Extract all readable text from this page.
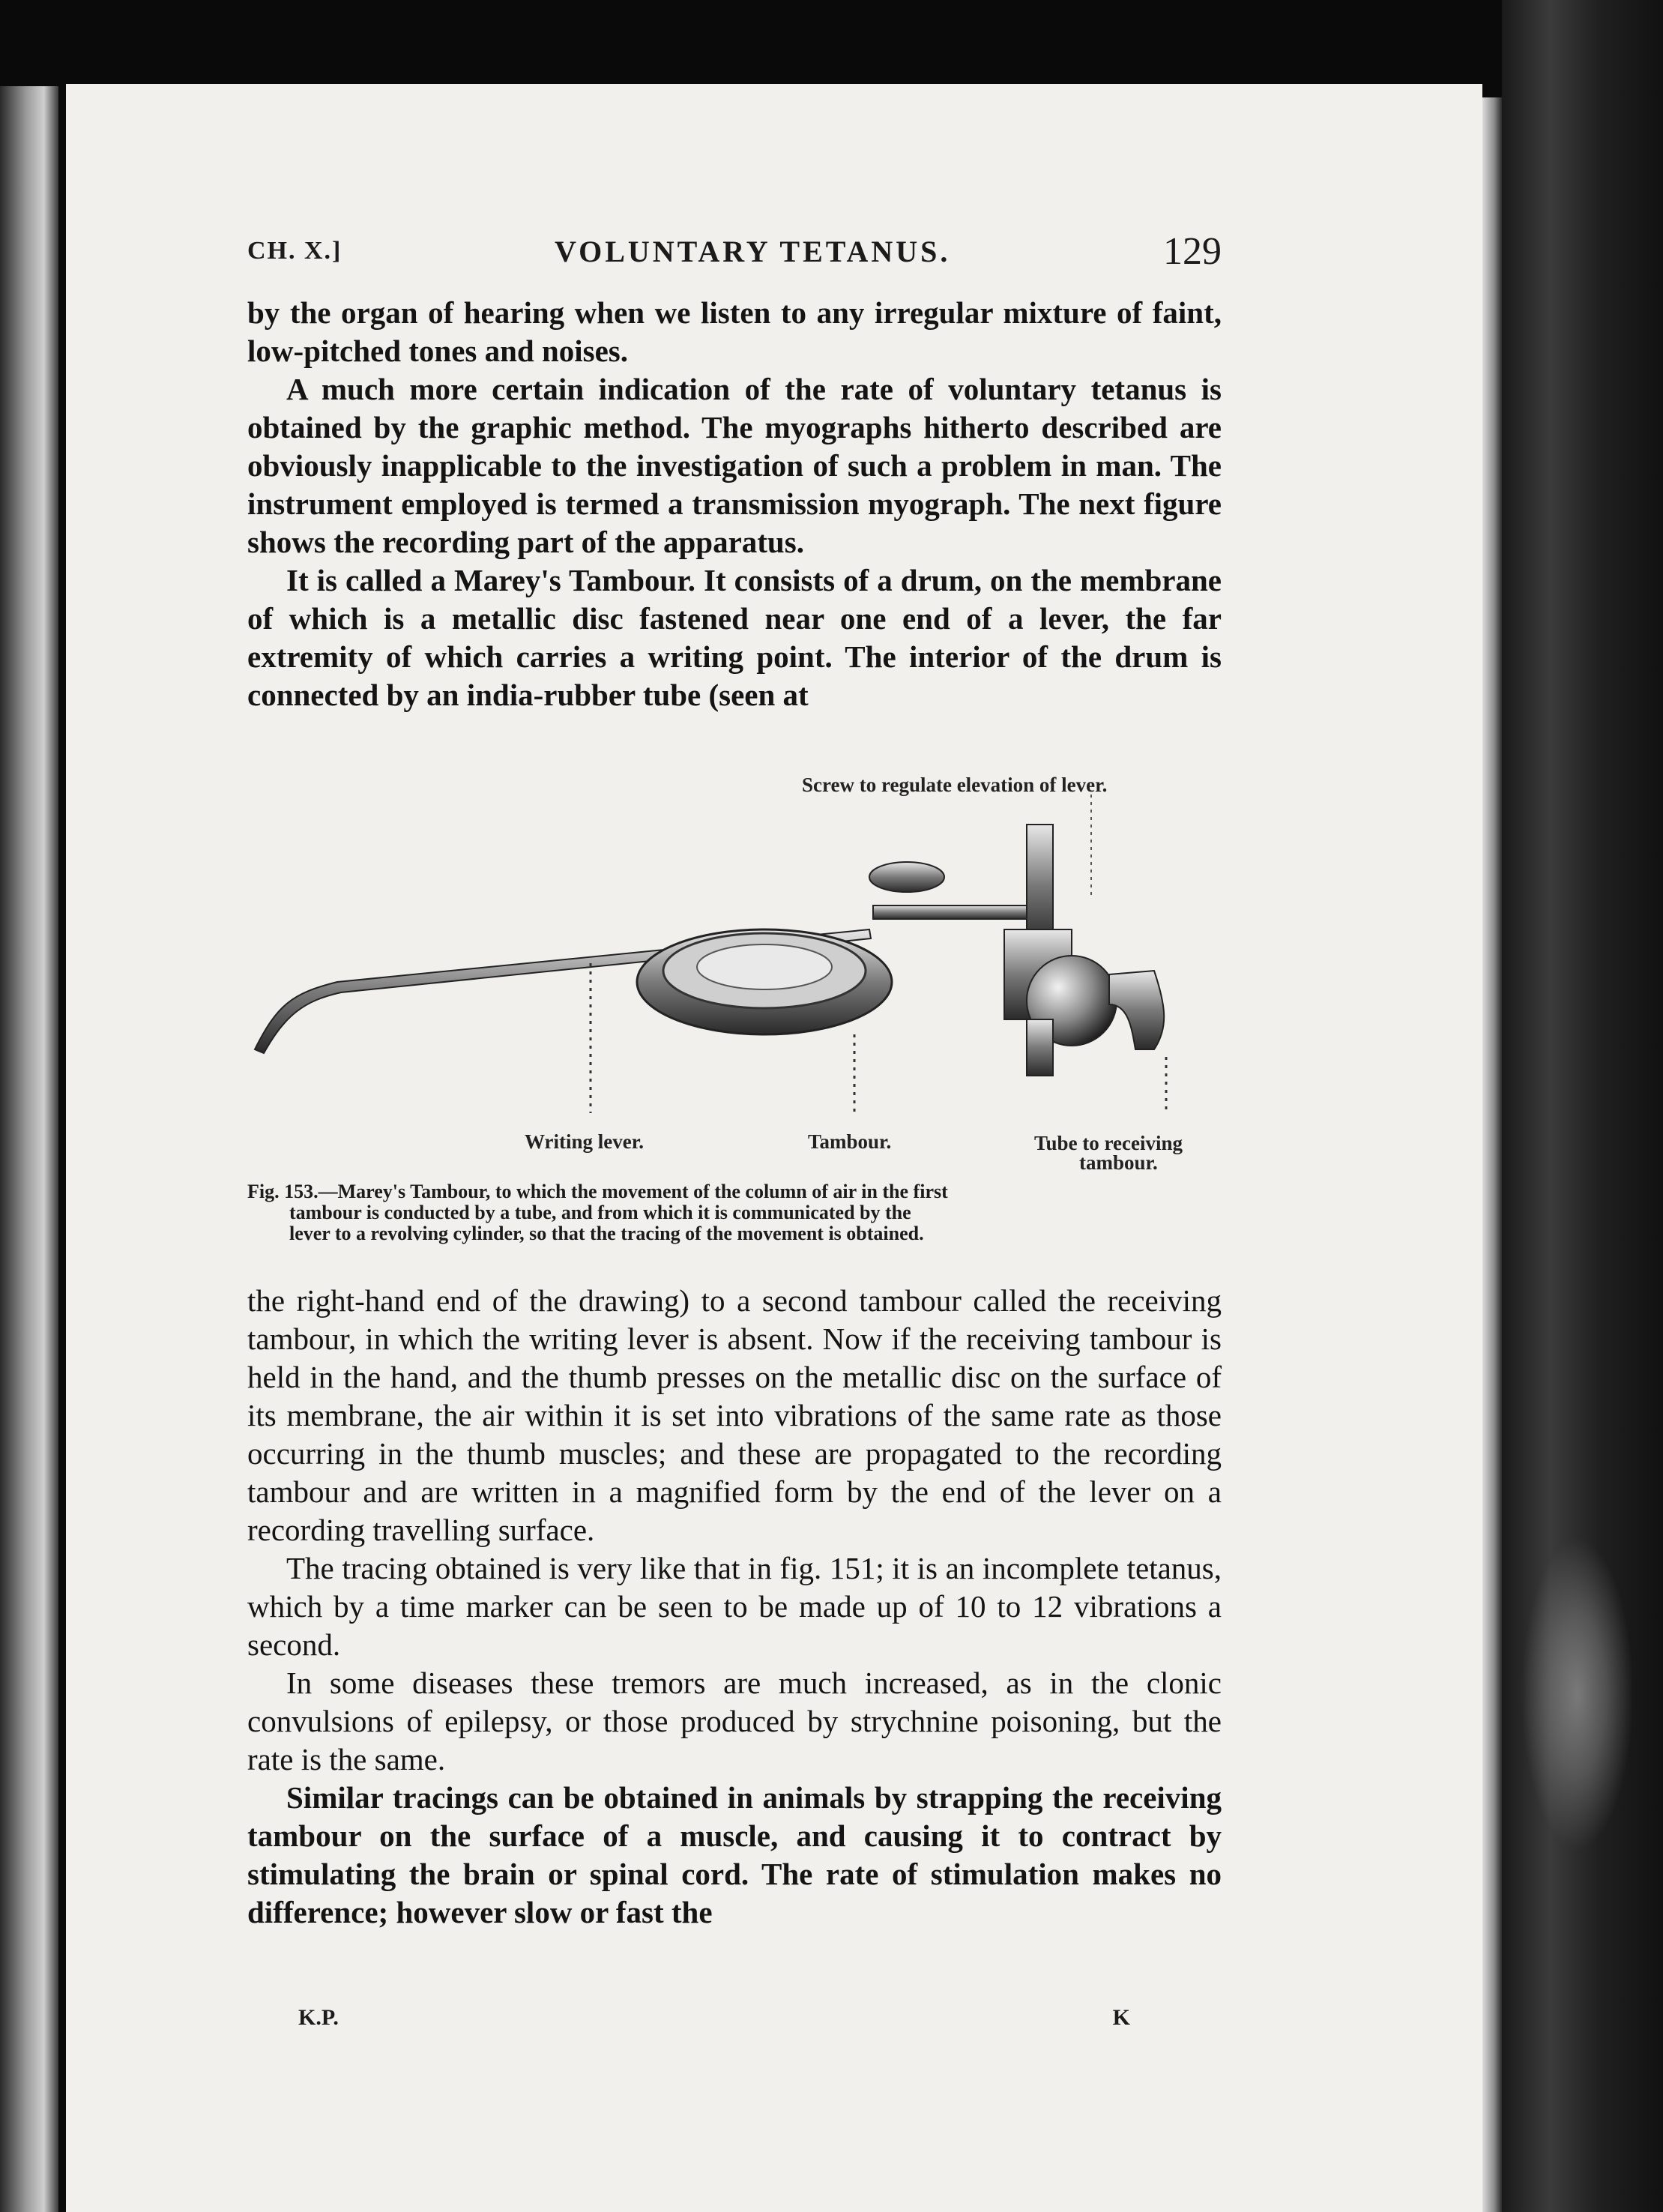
CH. X.]	VOLUNTARY TETANUS.	129

by the organ of hearing when we listen to any irregular mixture of faint, low-pitched tones and noises.

A much more certain indication of the rate of voluntary tetanus is obtained by the graphic method. The myographs hitherto described are obviously inapplicable to the investigation of such a problem in man. The instrument employed is termed a transmission myograph. The next figure shows the recording part of the apparatus.

It is called a Marey's Tambour. It consists of a drum, on the membrane of which is a metallic disc fastened near one end of a lever, the far extremity of which carries a writing point. The interior of the drum is connected by an india-rubber tube (seen at

Screw to regulate elevation of lever.
Writing lever.	Tambour.	Tube to receiving
tambour.
Fig. 153.—Marey's Tambour, to which the movement of the column of air in the first
tambour is conducted by a tube, and from which it is communicated by the
lever to a revolving cylinder, so that the tracing of the movement is obtained.

the right-hand end of the drawing) to a second tambour called the receiving tambour, in which the writing lever is absent. Now if the receiving tambour is held in the hand, and the thumb presses on the metallic disc on the surface of its membrane, the air within it is set into vibrations of the same rate as those occurring in the thumb muscles; and these are propagated to the recording tambour and are written in a magnified form by the end of the lever on a recording travelling surface.

The tracing obtained is very like that in fig. 151; it is an incomplete tetanus, which by a time marker can be seen to be made up of 10 to 12 vibrations a second.

In some diseases these tremors are much increased, as in the clonic convulsions of epilepsy, or those produced by strychnine poisoning, but the rate is the same.

Similar tracings can be obtained in animals by strapping the receiving tambour on the surface of a muscle, and causing it to contract by stimulating the brain or spinal cord. The rate of stimulation makes no difference; however slow or fast the

K.P.	K
